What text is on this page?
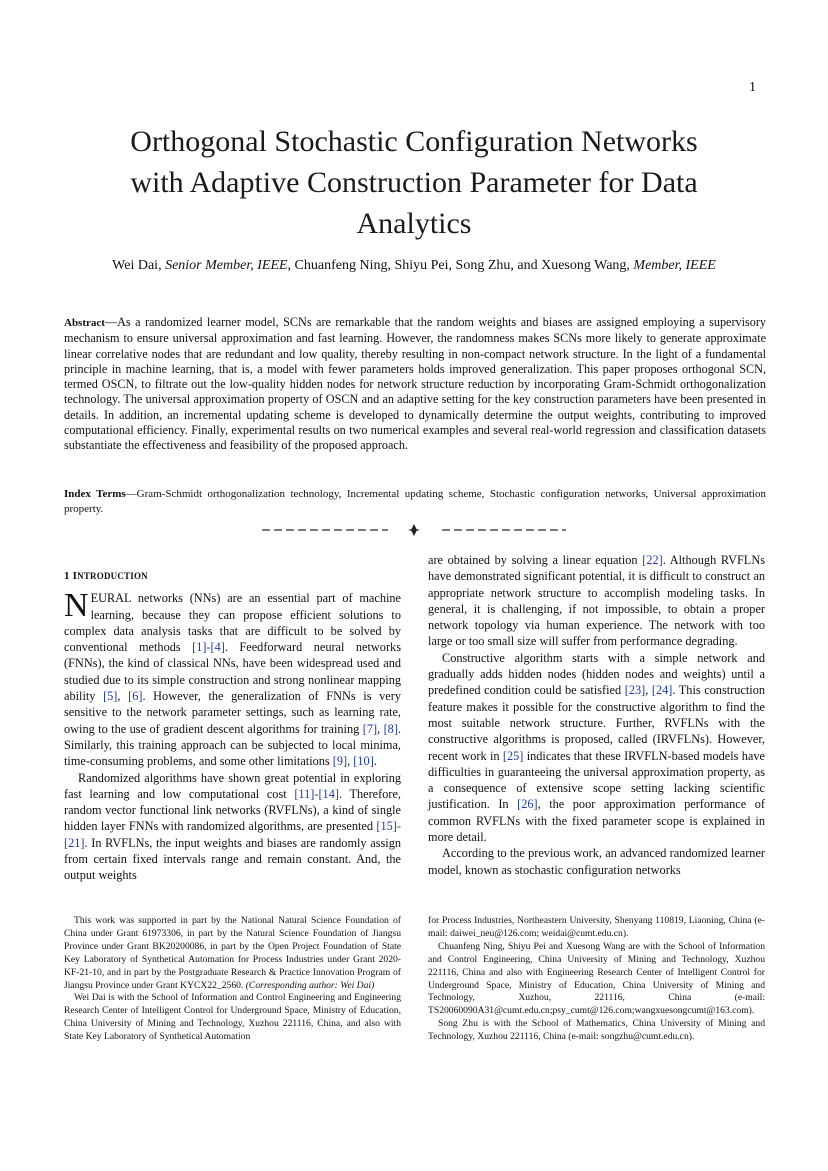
1
Orthogonal Stochastic Configuration Networks
with Adaptive Construction Parameter for Data
Analytics
Wei Dai, Senior Member, IEEE, Chuanfeng Ning, Shiyu Pei, Song Zhu, and Xuesong Wang, Member, IEEE
Abstract—As a randomized learner model, SCNs are remarkable that the random weights and biases are assigned employing a supervisory mechanism to ensure universal approximation and fast learning. However, the randomness makes SCNs more likely to generate approximate linear correlative nodes that are redundant and low quality, thereby resulting in non-compact network structure. In the light of a fundamental principle in machine learning, that is, a model with fewer parameters holds improved generalization. This paper proposes orthogonal SCN, termed OSCN, to filtrate out the low-quality hidden nodes for network structure reduction by incorporating Gram-Schmidt orthogonalization technology. The universal approximation property of OSCN and an adaptive setting for the key construction parameters have been presented in details. In addition, an incremental updating scheme is developed to dynamically determine the output weights, contributing to improved computational efficiency. Finally, experimental results on two numerical examples and several real-world regression and classification datasets substantiate the effectiveness and feasibility of the proposed approach.
Index Terms—Gram-Schmidt orthogonalization technology, Incremental updating scheme, Stochastic configuration networks, Universal approximation property.
1 INTRODUCTION

NEURAL networks (NNs) are an essential part of machine learning, because they can propose efficient solutions to complex data analysis tasks that are difficult to be solved by conventional methods [1]-[4]. Feedforward neural networks (FNNs), the kind of classical NNs, have been widespread used and studied due to its simple construction and strong nonlinear mapping ability [5], [6]. However, the generalization of FNNs is very sensitive to the network parameter settings, such as learning rate, owing to the use of gradient descent algorithms for training [7], [8]. Similarly, this training approach can be subjected to local minima, time-consuming problems, and some other limitations [9], [10].

Randomized algorithms have shown great potential in exploring fast learning and low computational cost [11]-[14]. Therefore, random vector functional link networks (RVFLNs), a kind of single hidden layer FNNs with randomized algorithms, are presented [15]-[21]. In RVFLNs, the input weights and biases are randomly assign from certain fixed intervals range and remain constant. And, the output weights

are obtained by solving a linear equation [22]. Although RVFLNs have demonstrated significant potential, it is difficult to construct an appropriate network structure to accomplish modeling tasks. In general, it is challenging, if not impossible, to obtain a proper network topology via human experience. The network with too large or too small size will suffer from performance degrading.

Constructive algorithm starts with a simple network and gradually adds hidden nodes (hidden nodes and weights) until a predefined condition could be satisfied [23], [24]. This construction feature makes it possible for the constructive algorithm to find the most suitable network structure. Further, RVFLNs with the constructive algorithms is proposed, called (IRVFLNs). However, recent work in [25] indicates that these IRVFLN-based models have difficulties in guaranteeing the universal approximation property, as a consequence of extensive scope setting lacking scientific justification. In [26], the poor approximation performance of common RVFLNs with the fixed parameter scope is explained in more detail.

According to the previous work, an advanced randomized learner model, known as stochastic configuration networks

This work was supported in part by the National Natural Science Foundation of China under Grant 61973306, in part by the Natural Science Foundation of Jiangsu Province under Grant BK20200086, in part by the Open Project Foundation of State Key Laboratory of Synthetical Automation for Process Industries under Grant 2020-KF-21-10, and in part by the Postgraduate Research & Practice Innovation Program of Jiangsu Province under Grant KYCX22_2560. (Corresponding author: Wei Dai)

Wei Dai is with the School of Information and Control Engineering and Engineering Research Center of Intelligent Control for Underground Space, Ministry of Education, China University of Mining and Technology, Xuzhou 221116, China, and also with State Key Laboratory of Synthetical Automation

for Process Industries, Northeastern University, Shenyang 110819, Liaoning, China (e-mail: daiwei_neu@126.com; weidai@cumt.edu.cn).

Chuanfeng Ning, Shiyu Pei and Xuesong Wang are with the School of Information and Control Engineering, China University of Mining and Technology, Xuzhou 221116, China and also with Engineering Research Center of Intelligent Control for Underground Space, Ministry of Education, China University of Mining and Technology, Xuzhou, 221116, China (e-mail: TS20060090A31@cumt.edu.cn;psy_cumt@126.com;wangxuesongcumt@163.com).

Song Zhu is with the School of Mathematics, China University of Mining and Technology, Xuzhou 221116, China (e-mail: songzhu@cumt.edu.cn).
